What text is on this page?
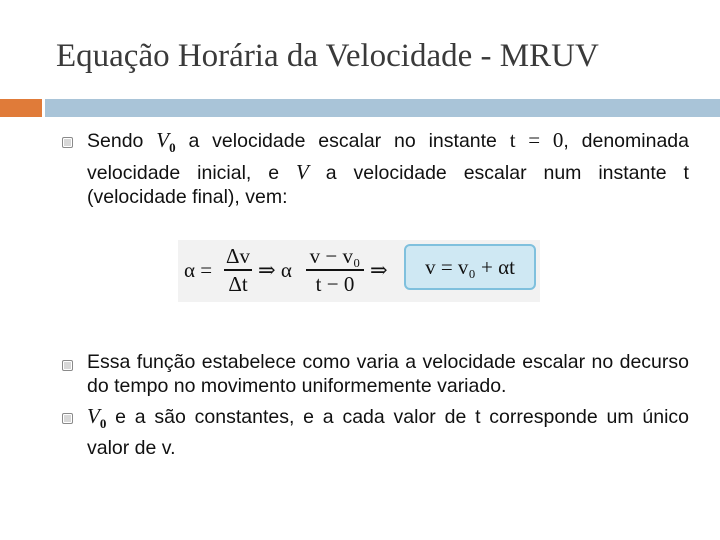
Equação Horária da Velocidade - MRUV
Sendo $V_0$ a velocidade escalar no instante t = 0, denominada velocidade inicial, e V a velocidade escalar num instante t (velocidade final), vem:
α =
Δv
Δt
⇒ α
v − v₀
t − 0
⇒	v = v₀ + αt
Essa função estabelece como varia a velocidade escalar no decurso do tempo no movimento uniformemente variado.
$V_0$ e a são constantes, e a cada valor de t corresponde um único valor de v.
